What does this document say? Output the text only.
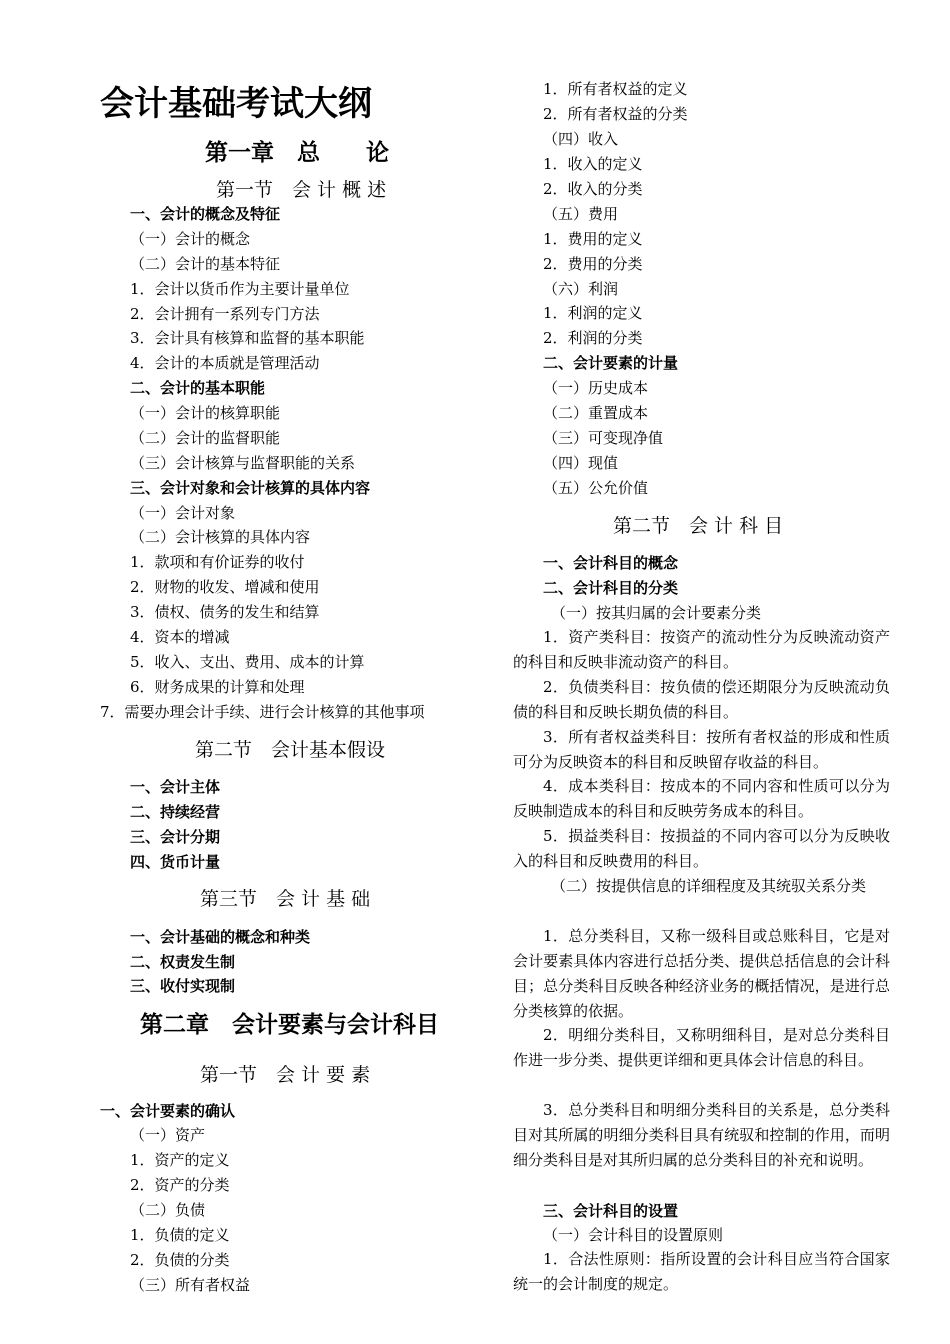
会计基础考试大纲
第一章　总　　论
第一节　会 计 概 述
一、会计的概念及特征
（一）会计的概念
（二）会计的基本特征
1．会计以货币作为主要计量单位
2．会计拥有一系列专门方法
3．会计具有核算和监督的基本职能
4．会计的本质就是管理活动
二、会计的基本职能
（一）会计的核算职能
（二）会计的监督职能
（三）会计核算与监督职能的关系
三、会计对象和会计核算的具体内容
（一）会计对象
（二）会计核算的具体内容
1．款项和有价证券的收付
2．财物的收发、增减和使用
3．债权、债务的发生和结算
4．资本的增减
5．收入、支出、费用、成本的计算
6．财务成果的计算和处理
7．需要办理会计手续、进行会计核算的其他事项
第二节　会计基本假设
一、会计主体
二、持续经营
三、会计分期
四、货币计量
第三节　会 计 基 础
一、会计基础的概念和种类
二、权责发生制
三、收付实现制
第二章　会计要素与会计科目
第一节　会 计 要 素
一、会计要素的确认
（一）资产
1．资产的定义
2．资产的分类
（二）负债
1．负债的定义
2．负债的分类
（三）所有者权益
1．所有者权益的定义
2．所有者权益的分类
（四）收入
1．收入的定义
2．收入的分类
（五）费用
1．费用的定义
2．费用的分类
（六）利润
1．利润的定义
2．利润的分类
二、会计要素的计量
（一）历史成本
（二）重置成本
（三）可变现净值
（四）现值
（五）公允价值
第二节　会 计 科 目
一、会计科目的概念
二、会计科目的分类
（一）按其归属的会计要素分类
1．资产类科目：按资产的流动性分为反映流动资产的科目和反映非流动资产的科目。
2．负债类科目：按负债的偿还期限分为反映流动负债的科目和反映长期负债的科目。
3．所有者权益类科目：按所有者权益的形成和性质可分为反映资本的科目和反映留存收益的科目。
4．成本类科目：按成本的不同内容和性质可以分为反映制造成本的科目和反映劳务成本的科目。
5．损益类科目：按损益的不同内容可以分为反映收入的科目和反映费用的科目。
（二）按提供信息的详细程度及其统驭关系分类
1．总分类科目，又称一级科目或总账科目，它是对会计要素具体内容进行总括分类、提供总括信息的会计科目；总分类科目反映各种经济业务的概括情况，是进行总分类核算的依据。
2．明细分类科目，又称明细科目，是对总分类科目作进一步分类、提供更详细和更具体会计信息的科目。
3．总分类科目和明细分类科目的关系是，总分类科目对其所属的明细分类科目具有统驭和控制的作用，而明细分类科目是对其所归属的总分类科目的补充和说明。
三、会计科目的设置
（一）会计科目的设置原则
1．合法性原则：指所设置的会计科目应当符合国家统一的会计制度的规定。
